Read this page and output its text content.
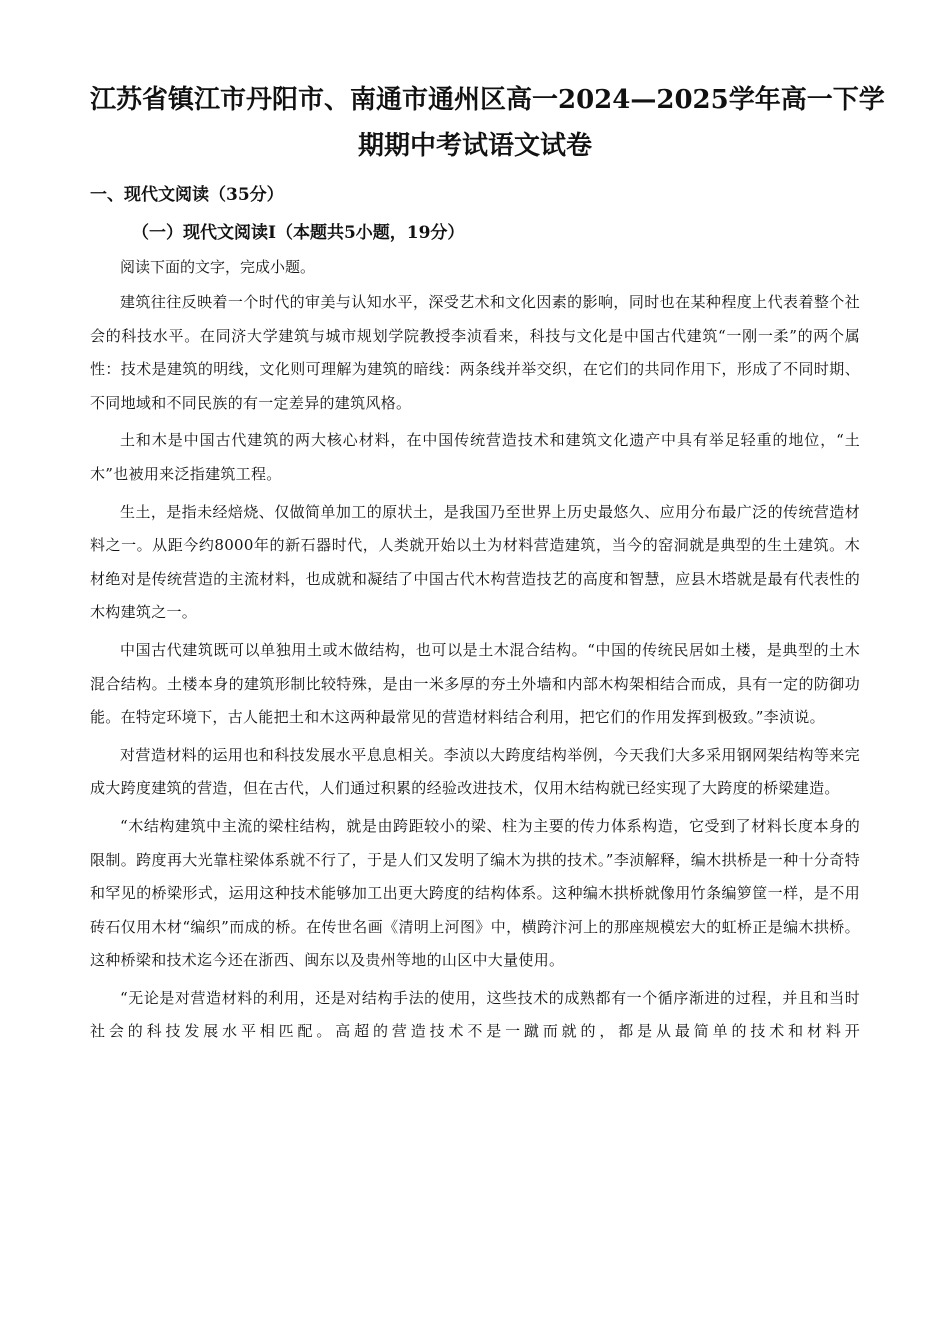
江苏省镇江市丹阳市、南通市通州区高一2024—2025学年高一下学
期期中考试语文试卷
一、现代文阅读（35分）
（一）现代文阅读Ⅰ（本题共5小题，19分）

阅读下面的文字，完成小题。

建筑往往反映着一个时代的审美与认知水平，深受艺术和文化因素的影响，同时也在某种程度上代表着整个社会的科技水平。在同济大学建筑与城市规划学院教授李浈看来，科技与文化是中国古代建筑“一刚一柔”的两个属性：技术是建筑的明线，文化则可理解为建筑的暗线：两条线并举交织，在它们的共同作用下，形成了不同时期、不同地域和不同民族的有一定差异的建筑风格。

土和木是中国古代建筑的两大核心材料，在中国传统营造技术和建筑文化遗产中具有举足轻重的地位，“土木”也被用来泛指建筑工程。

生土，是指未经焙烧、仅做简单加工的原状土，是我国乃至世界上历史最悠久、应用分布最广泛的传统营造材料之一。从距今约8000年的新石器时代，人类就开始以土为材料营造建筑，当今的窑洞就是典型的生土建筑。木材绝对是传统营造的主流材料，也成就和凝结了中国古代木构营造技艺的高度和智慧，应县木塔就是最有代表性的木构建筑之一。

中国古代建筑既可以单独用土或木做结构，也可以是土木混合结构。“中国的传统民居如土楼，是典型的土木混合结构。土楼本身的建筑形制比较特殊，是由一米多厚的夯土外墙和内部木构架相结合而成，具有一定的防御功能。在特定环境下，古人能把土和木这两种最常见的营造材料结合利用，把它们的作用发挥到极致。”李浈说。

对营造材料的运用也和科技发展水平息息相关。李浈以大跨度结构举例，今天我们大多采用钢网架结构等来完成大跨度建筑的营造，但在古代，人们通过积累的经验改进技术，仅用木结构就已经实现了大跨度的桥梁建造。

“木结构建筑中主流的梁柱结构，就是由跨距较小的梁、柱为主要的传力体系构造，它受到了材料长度本身的限制。跨度再大光靠柱梁体系就不行了，于是人们又发明了编木为拱的技术。”李浈解释，编木拱桥是一种十分奇特和罕见的桥梁形式，运用这种技术能够加工出更大跨度的结构体系。这种编木拱桥就像用竹条编箩筐一样，是不用砖石仅用木材“编织”而成的桥。在传世名画《清明上河图》中，横跨汴河上的那座规模宏大的虹桥正是编木拱桥。这种桥梁和技术迄今还在浙西、闽东以及贵州等地的山区中大量使用。

“无论是对营造材料的利用，还是对结构手法的使用，这些技术的成熟都有一个循序渐进的过程，并且和当时社会的科技发展水平相匹配。高超的营造技术不是一蹴而就的，都是从最简单的技术和材料开
